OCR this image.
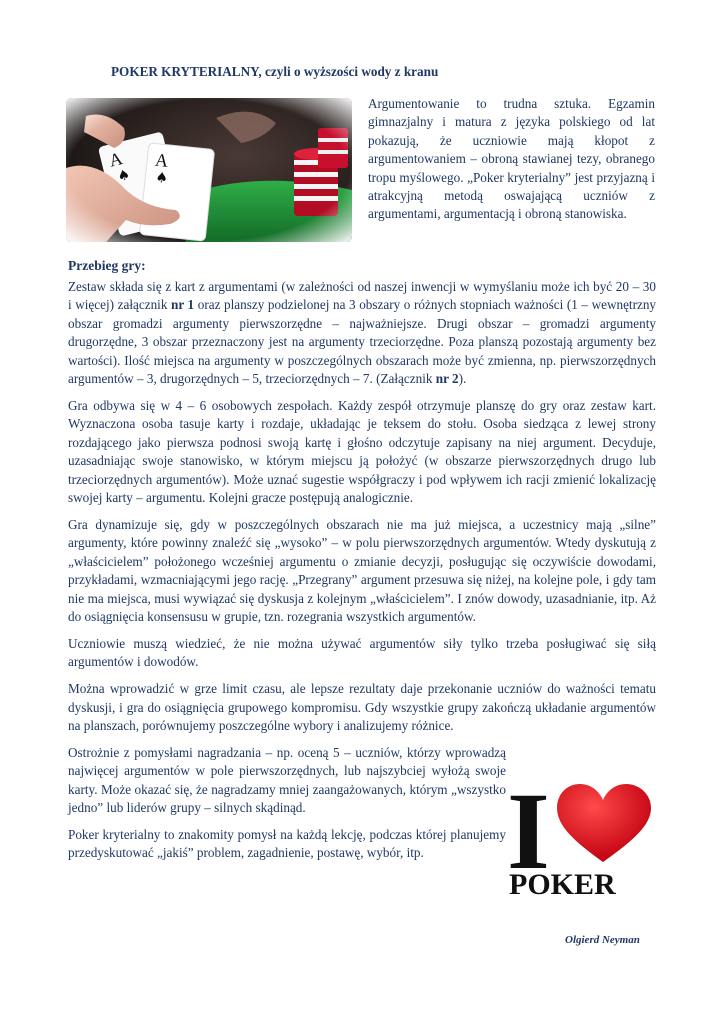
POKER KRYTERIALNY, czyli o wyższości wody z kranu
Argumentowanie to trudna sztuka. Egzamin gimnazjalny i matura z języka polskiego od lat pokazują, że uczniowie mają kłopot z argumentowaniem – obroną stawianej tezy, obranego tropu myślowego. „Poker kryterialny” jest przyjazną i atrakcyjną metodą oswajającą uczniów z argumentami, argumentacją i obroną stanowiska.
Przebieg gry:

Zestaw składa się z kart z argumentami (w zależności od naszej inwencji w wymyślaniu może ich być 20 – 30 i więcej) załącznik nr 1 oraz planszy podzielonej na 3 obszary o różnych stopniach ważności (1 – wewnętrzny obszar gromadzi argumenty pierwszorzędne – najważniejsze. Drugi obszar – gromadzi argumenty drugorzędne, 3 obszar przeznaczony jest na argumenty trzeciorzędne. Poza planszą pozostają argumenty bez wartości). Ilość miejsca na argumenty w poszczególnych obszarach może być zmienna, np. pierwszorzędnych argumentów – 3, drugorzędnych – 5, trzeciorzędnych – 7. (Załącznik nr 2).

Gra odbywa się w 4 – 6 osobowych zespołach. Każdy zespół otrzymuje planszę do gry oraz zestaw kart. Wyznaczona osoba tasuje karty i rozdaje, układając je teksem do stołu. Osoba siedząca z lewej strony rozdającego jako pierwsza podnosi swoją kartę i głośno odczytuje zapisany na niej argument. Decyduje, uzasadniając swoje stanowisko, w którym miejscu ją położyć (w obszarze pierwszorzędnych drugo lub trzeciorzędnych argumentów). Może uznać sugestie współgraczy i pod wpływem ich racji zmienić lokalizację swojej karty – argumentu. Kolejni gracze postępują analogicznie.

Gra dynamizuje się, gdy w poszczególnych obszarach nie ma już miejsca, a uczestnicy mają „silne” argumenty, które powinny znaleźć się „wysoko” – w polu pierwszorzędnych argumentów. Wtedy dyskutują z „właścicielem” położonego wcześniej argumentu o zmianie decyzji, posługując się oczywiście dowodami, przykładami, wzmacniającymi jego rację. „Przegrany” argument przesuwa się niżej, na kolejne pole, i gdy tam nie ma miejsca, musi wywiązać się dyskusja z kolejnym „właścicielem”. I znów dowody, uzasadnianie, itp. Aż do osiągnięcia konsensusu w grupie, tzn. rozegrania wszystkich argumentów.

Uczniowie muszą wiedzieć, że nie można używać argumentów siły tylko trzeba posługiwać się siłą argumentów i dowodów.

Można wprowadzić w grze limit czasu, ale lepsze rezultaty daje przekonanie uczniów do ważności tematu dyskusji, i gra do osiągnięcia grupowego kompromisu. Gdy wszystkie grupy zakończą układanie argumentów na planszach, porównujemy poszczególne wybory i analizujemy różnice.

Ostrożnie z pomysłami nagradzania – np. oceną 5 – uczniów, którzy wprowadzą najwięcej argumentów w pole pierwszorzędnych, lub najszybciej wyłożą swoje karty. Może okazać się, że nagradzamy mniej zaangażowanych, którym „wszystko jedno” lub liderów grupy – silnych skądinąd.

Poker kryterialny to znakomity pomysł na każdą lekcję, podczas której planujemy przedyskutować „jakiś” problem, zagadnienie, postawę, wybór, itp. I
POKER
Olgierd Neyman
